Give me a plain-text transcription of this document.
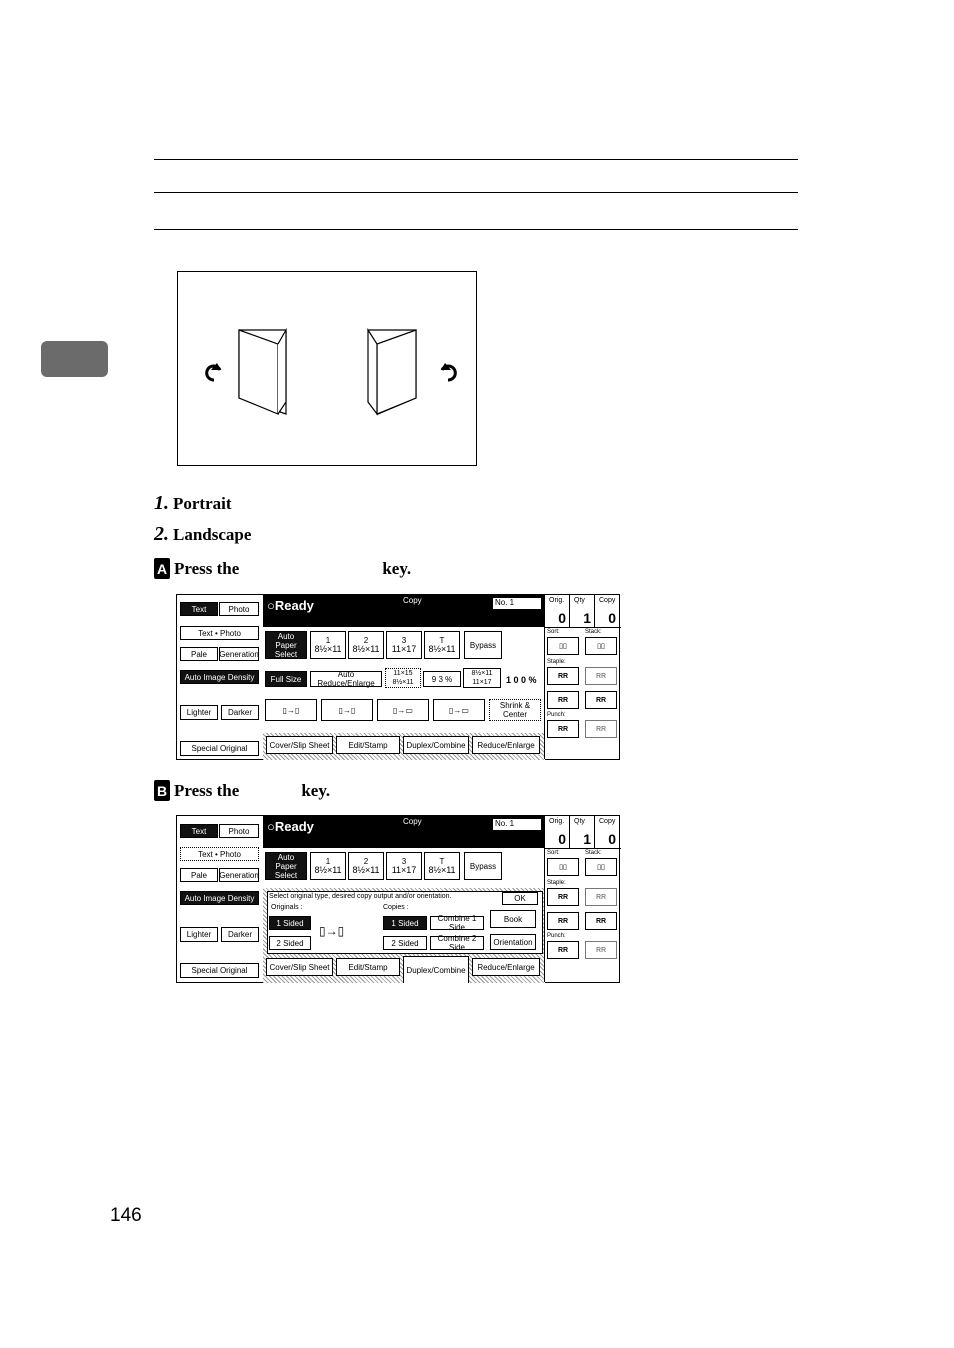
1. Portrait
2. Landscape
A Press the	key.
Text	Photo
Text • Photo
Pale	Generation
Auto Image Density
Lighter Darker
Special Original
○Ready	Copy	No. 1
Auto Paper Select
1
8½×11
2
8½×11
3
11×17
T
8½×11	Bypass
Full Size	Auto Reduce/Enlarge
11×15
8½×11	9 3 %
8½×11
11×17 1 0 0 %
▯→▯	▯→▯	▯→▭	▯→▭	Shrink & Center
Cover/Slip Sheet	Edit/Stamp	Duplex/Combine	Reduce/Enlarge
Orig.
0
Qty
1
Copy
0
Sort:	Stack:
▯▯	▯▯
Staple:
RR	RR
RR	RR
Punch:
RR	RR
B Press the	key.
Text	Photo
Text • Photo
Pale	Generation
Auto Image Density
Lighter Darker
Special Original
○Ready	Copy	No. 1
Auto Paper Select
1
8½×11
2
8½×11
3
11×17
T
8½×11	Bypass
Select original type, desired copy output and/or orientation.	OK
Originals :	Copies :
1 Sided
2 Sided
▯→▯
1 Sided
2 Sided
Combine 1 Side
Combine 2 Side
Book
Orientation
Cover/Slip Sheet	Edit/Stamp	Duplex/Combine	Reduce/Enlarge
Orig.
0
Qty
1
Copy
0
Sort:	Stack:
▯▯	▯▯
Staple:
RR	RR
RR	RR
Punch:
RR	RR
146
